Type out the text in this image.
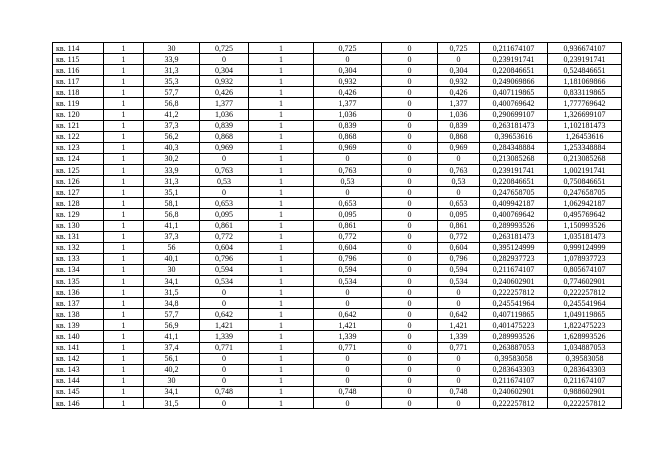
кв. 114	1	30	0,725	1	0,725	0	0,725	0,211674107	0,936674107
кв. 115	1	33,9	0	1	0	0	0	0,239191741	0,239191741
кв. 116	1	31,3	0,304	1	0,304	0	0,304	0,220846651	0,524846651
кв. 117	1	35,3	0,932	1	0,932	0	0,932	0,249069866	1,181069866
кв. 118	1	57,7	0,426	1	0,426	0	0,426	0,407119865	0,833119865
кв. 119	1	56,8	1,377	1	1,377	0	1,377	0,400769642	1,777769642
кв. 120	1	41,2	1,036	1	1,036	0	1,036	0,290699107	1,326699107
кв. 121	1	37,3	0,839	1	0,839	0	0,839	0,263181473	1,102181473
кв. 122	1	56,2	0,868	1	0,868	0	0,868	0,39653616	1,26453616
кв. 123	1	40,3	0,969	1	0,969	0	0,969	0,284348884	1,253348884
кв. 124	1	30,2	0	1	0	0	0	0,213085268	0,213085268
кв. 125	1	33,9	0,763	1	0,763	0	0,763	0,239191741	1,002191741
кв. 126	1	31,3	0,53	1	0,53	0	0,53	0,220846651	0,750846651
кв. 127	1	35,1	0	1	0	0	0	0,247658705	0,247658705
кв. 128	1	58,1	0,653	1	0,653	0	0,653	0,409942187	1,062942187
кв. 129	1	56,8	0,095	1	0,095	0	0,095	0,400769642	0,495769642
кв. 130	1	41,1	0,861	1	0,861	0	0,861	0,289993526	1,150993526
кв. 131	1	37,3	0,772	1	0,772	0	0,772	0,263181473	1,035181473
кв. 132	1	56	0,604	1	0,604	0	0,604	0,395124999	0,999124999
кв. 133	1	40,1	0,796	1	0,796	0	0,796	0,282937723	1,078937723
кв. 134	1	30	0,594	1	0,594	0	0,594	0,211674107	0,805674107
кв. 135	1	34,1	0,534	1	0,534	0	0,534	0,240602901	0,774602901
кв. 136	1	31,5	0	1	0	0	0	0,222257812	0,222257812
кв. 137	1	34,8	0	1	0	0	0	0,245541964	0,245541964
кв. 138	1	57,7	0,642	1	0,642	0	0,642	0,407119865	1,049119865
кв. 139	1	56,9	1,421	1	1,421	0	1,421	0,401475223	1,822475223
кв. 140	1	41,1	1,339	1	1,339	0	1,339	0,289993526	1,628993526
кв. 141	1	37,4	0,771	1	0,771	0	0,771	0,263887053	1,034887053
кв. 142	1	56,1	0	1	0	0	0	0,39583058	0,39583058
кв. 143	1	40,2	0	1	0	0	0	0,283643303	0,283643303
кв. 144	1	30	0	1	0	0	0	0,211674107	0,211674107
кв. 145	1	34,1	0,748	1	0,748	0	0,748	0,240602901	0,988602901
кв. 146	1	31,5	0	1	0	0	0	0,222257812	0,222257812
